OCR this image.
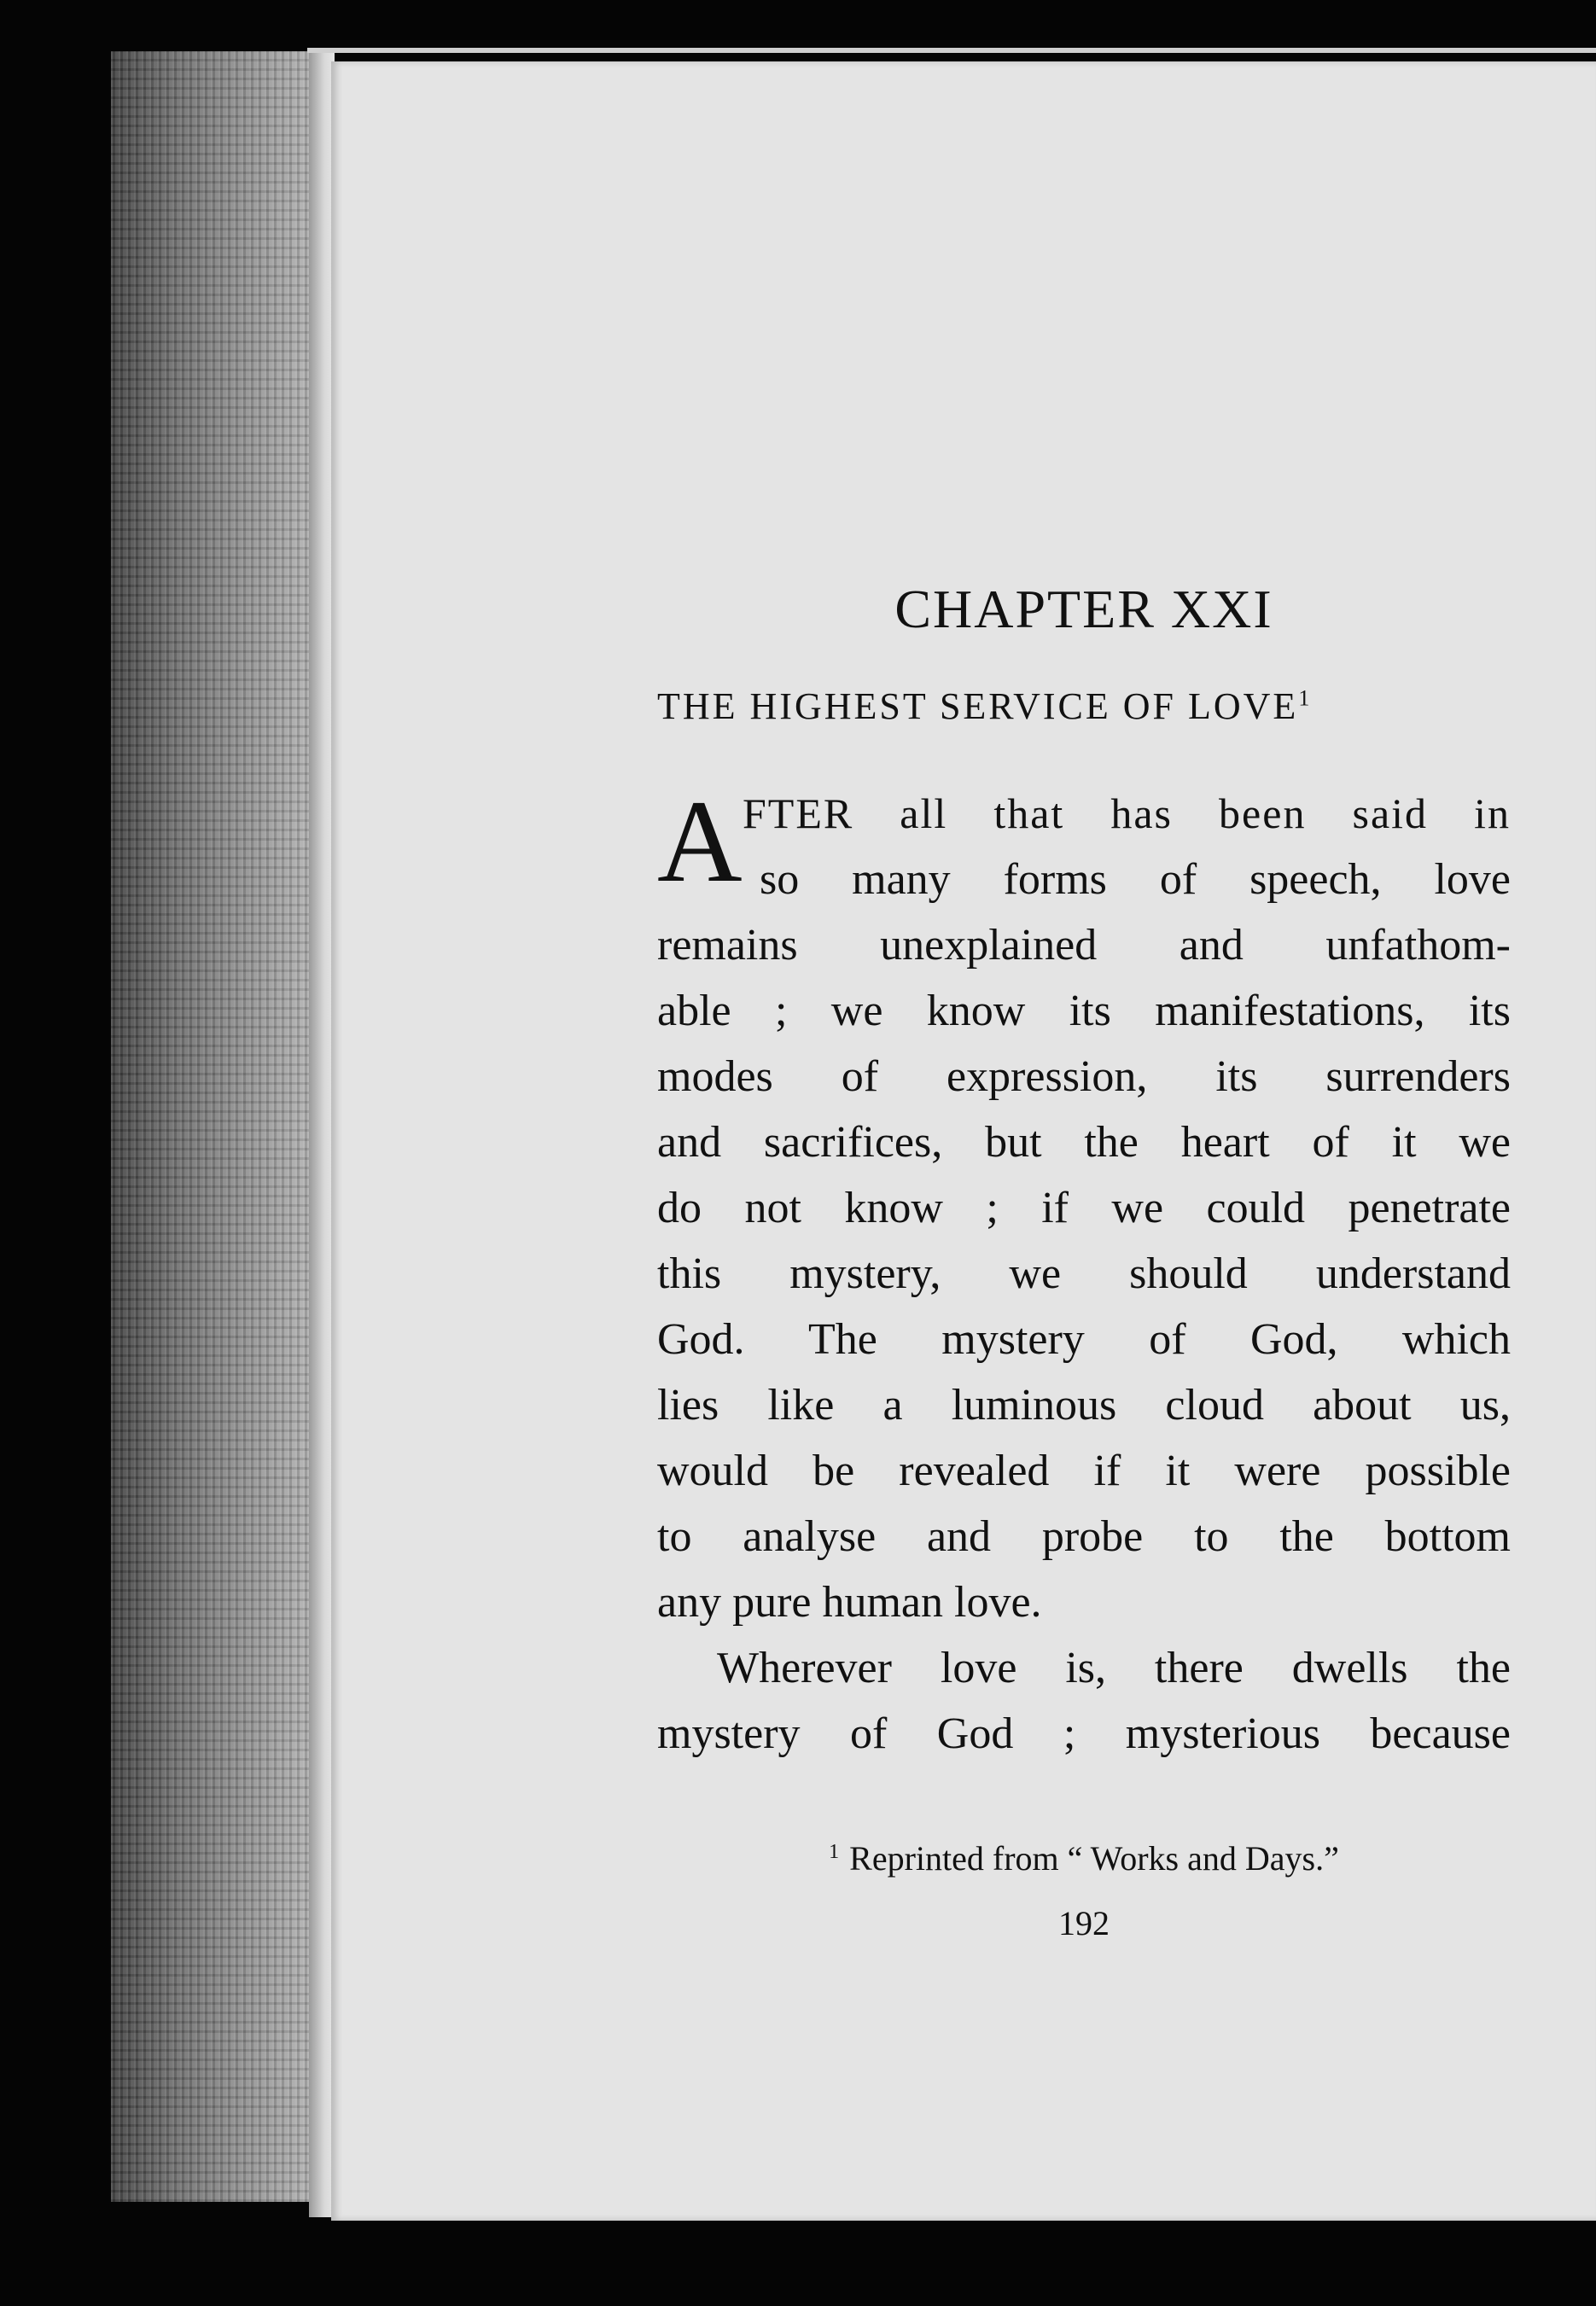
CHAPTER XXI
THE HIGHEST SERVICE OF LOVE$^1$
A FTER all that has been said in
so many forms of speech, love
remains unexplained and unfathom-
able ; we know its manifestations, its
modes of expression, its surrenders
and sacrifices, but the heart of it we
do not know ; if we could penetrate
this mystery, we should understand
God. The mystery of God, which
lies like a luminous cloud about us,
would be revealed if it were possible
to analyse and probe to the bottom
any pure human love.
Wherever love is, there dwells the
mystery of God ; mysterious because
$^1$ Reprinted from “ Works and Days.”
192
